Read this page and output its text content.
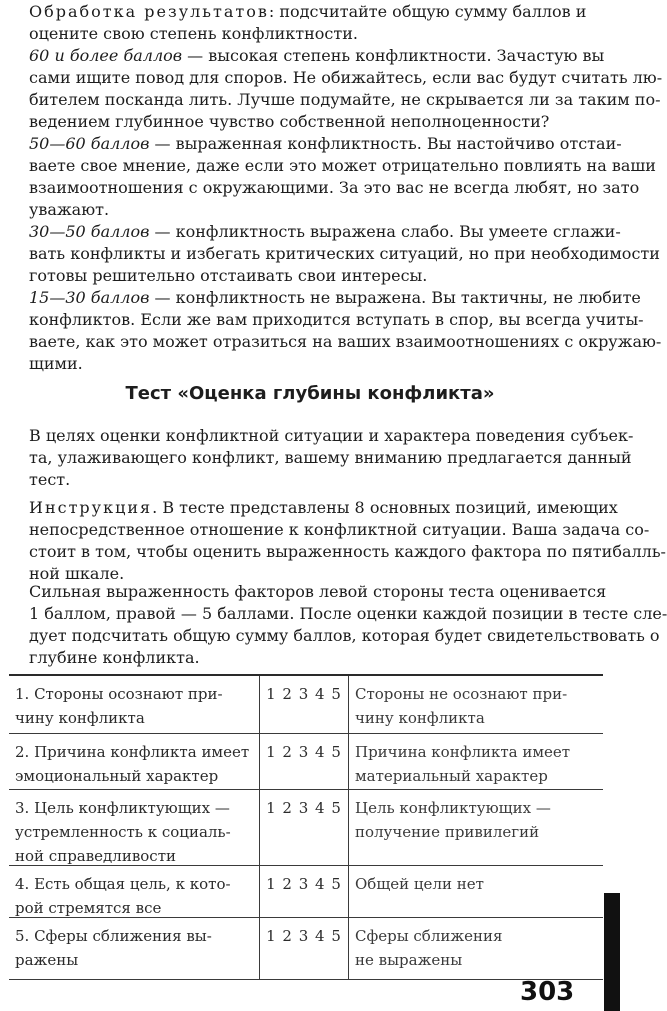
Обработка результатов: подсчитайте общую сумму баллов и
оцените свою степень конфликтности.
60 и более баллов — высокая степень конфликтности. Зачастую вы
сами ищите повод для споров. Не обижайтесь, если вас будут считать лю-
бителем посканда лить. Лучше подумайте, не скрывается ли за таким по-
ведением глубинное чувство собственной неполноценности?
50—60 баллов — выраженная конфликтность. Вы настойчиво отстаи-
ваете свое мнение, даже если это может отрицательно повлиять на ваши
взаимоотношения с окружающими. За это вас не всегда любят, но зато
уважают.
30—50 баллов — конфликтность выражена слабо. Вы умеете сглажи-
вать конфликты и избегать критических ситуаций, но при необходимости
готовы решительно отстаивать свои интересы.
15—30 баллов — конфликтность не выражена. Вы тактичны, не любите
конфликтов. Если же вам приходится вступать в спор, вы всегда учиты-
ваете, как это может отразиться на ваших взаимоотношениях с окружаю-
щими.
Тест «Оценка глубины конфликта»
В целях оценки конфликтной ситуации и характера поведения субъек-
та, улаживающего конфликт, вашему вниманию предлагается данный
тест.
Инструкция. В тесте представлены 8 основных позиций, имеющих
непосредственное отношение к конфликтной ситуации. Ваша задача со-
стоит в том, чтобы оценить выраженность каждого фактора по пятибалль-
ной шкале.
Сильная выраженность факторов левой стороны теста оценивается
1 баллом, правой — 5 баллами. После оценки каждой позиции в тесте сле-
дует подсчитать общую сумму баллов, которая будет свидетельствовать о
глубине конфликта.
1. Стороны осознают при-
чину конфликта
1 2 3 4 5 Стороны не осознают при-
чину конфликта
2. Причина конфликта имеет
эмоциональный характер
1 2 3 4 5 Причина конфликта имеет
материальный характер
3. Цель конфликтующих —
устремленность к социаль-
ной справедливости
1 2 3 4 5 Цель конфликтующих —
получение привилегий
4. Есть общая цель, к кото-
рой стремятся все
1 2 3 4 5 Общей цели нет
5. Сферы сближения вы-
ражены
1 2 3 4 5 Сферы сближения
не выражены
303
